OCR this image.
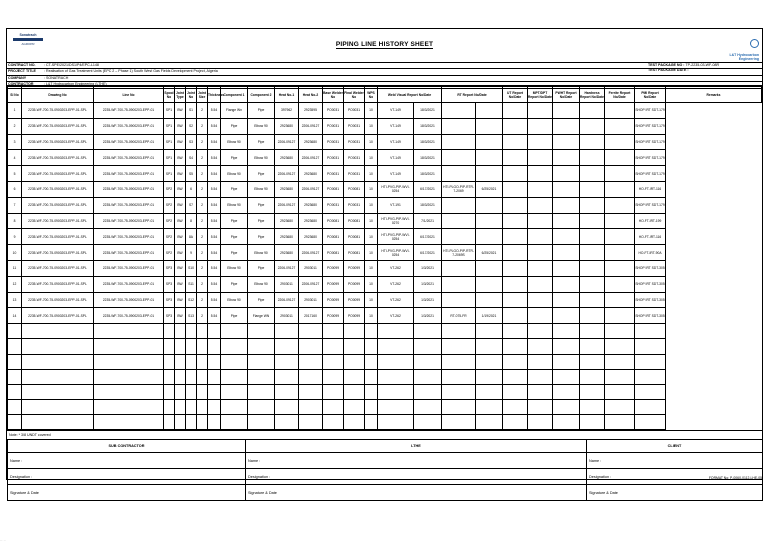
Sonatrach
AGROPR	PIPING LINE HISTORY SHEET
L&T Hydrocarbon
Engineering
CONTRACT NO. : CT-SPE/2021/DS1/P4/EPC-L148
PROJECT TITLE : Realisation of Gas Treatment Units (EPC 2 – Phase 1) South West Gas Fields Development Project, Algeria
COMPANY	: SONATRACH
CONTRACTOR	: L&T Hydrocarbon Engineering (LTHE)
TEST PACKAGE NO : TP-2235-03-WF-08R
TEST PACKAGE DATE :
Sl No	Drawing No	Line No	Spool No	Joint Type	Joint No	Joint Size	Thickness	Component 1	Component 2	Heat No-1	Heat No-2	Base Welder No	Final Welder No	WPS No	Weld Visual Report No/Date		RT Report No/Date		UT Report No/Date	MPT/DPT Report No/Date	PWHT Report No/Date	Hardness Report No/Date	Ferrite Report No/Date	PMI Report No/Date	Remarks
1	2235-WF-700-75-0900203-EPP-01-SPL	2235-WF-700-75-0900203-EPP-01	SP1	BW	S1	2	5.54	Flange Wn	Pipe	397962	2923595	PO0031	PO0031	10	VT-149	18/3/2021								SHOP IRT SDT-179	
2	2235-WF-700-75-0900203-EPP-01-SPL	2235-WF-700-75-0900203-EPP-01	SP1	BW	S2	2	5.54	Pipe	Elbow 90	2923680	2206-09127	PO0031	PO0031	10	VT-149	18/3/2021								SHOP IRT SDT-179	
3	2235-WF-700-75-0900203-EPP-01-SPL	2235-WF-700-75-0900203-EPP-01	SP1	BW	S3	2	5.54	Elbow 90	Pipe	2206-09127	2923680	PO0031	PO0031	10	VT-149	18/3/2021								SHOP IRT SDT-179	
4	2235-WF-700-75-0900203-EPP-01-SPL	2235-WF-700-75-0900203-EPP-01	SP1	BW	S4	2	5.54	Pipe	Elbow 90	2923680	2206-09127	PO0031	PO0031	10	VT-149	18/3/2021								SHOP IRT SDT-179	
5	2235-WF-700-75-0900203-EPP-01-SPL	2235-WF-700-75-0900203-EPP-01	SP1	BW	S5	2	5.54	Elbow 90	Pipe	2206-09127	2923680	PO0031	PO0031	10	VT-149	18/3/2021								SHOP IRT SDT-179	
6	2235-WF-700-75-0900203-EPP-01-SPL	2235-WF-700-75-0900203-EPP-01	SP2	BW	6	2	5.54	Pipe	Elbow 90	2923680	2206-09127	PO0081	PO0081	10	HTI-PVG-PIP-WVI-0254	6/17/2021	HTI-PLGO-PIP-RTR-7-2069	6/25/2021						HO-FT-IRT-116	
7	2235-WF-700-75-0900203-EPP-01-SPL	2235-WF-700-75-0900203-EPP-01	SP2	BW	S7	2	5.54	Elbow 90	Pipe	2206-09127	2923680	PO0031	PO0031	10	VT-191	18/3/2021								SHOP IRT SDT-179	
8	2235-WF-700-75-0900203-EPP-01-SPL	2235-WF-700-75-0900203-EPP-01	SP2	BW	8	2	5.54	Pipe	Pipe	2923680	2923680	PO0081	PO0081	10	HTI-PVG-PIP-WVI-0270	7/1/2021								HO-FT-IRT-199	
9	2235-WF-700-75-0900203-EPP-01-SPL	2235-WF-700-75-0900203-EPP-01	SP2	BW	8A	2	5.54	Pipe	Pipe	2923680	2923680	PO0081	PO0081	10	HTI-PVG-PIP-WVI-0254	6/17/2021								HO-FT-IRT-116	
10	2235-WF-700-75-0900203-EPP-01-SPL	2235-WF-700-75-0900203-EPP-01	SP2	BW	9	2	5.54	Pipe	Elbow 90	2923680	2206-09127	PO0081	PO0081	10	HTI-PVG-PIP-WVI-0254	6/17/2021	HTI-PLGO-PIP-RTR-7-2069S	6/25/2021						HO-FT-IRT-90A	
11	2235-WF-700-75-0900203-EPP-01-SPL	2235-WF-700-75-0900203-EPP-01	SP3	BW	S10	2	5.54	Elbow 90	Pipe	2206-09127	2903011	PO0099	PO0099	10	VT-262	1/3/2021								SHOP IRT SDT-305	
12	2235-WF-700-75-0900203-EPP-01-SPL	2235-WF-700-75-0900203-EPP-01	SP3	BW	S11	2	5.54	Pipe	Elbow 90	2903011	2206-09127	PO0099	PO0099	10	VT-262	1/3/2021								SHOP IRT SDT-305	
13	2235-WF-700-75-0900203-EPP-01-SPL	2235-WF-700-75-0900203-EPP-01	SP3	BW	S12	2	5.54	Elbow 90	Pipe	2206-09127	2903011	PO0099	PO0099	10	VT-262	1/3/2021								SHOP IRT SDT-305	
14	2235-WF-700-75-0900203-EPP-01-SPL	2235-WF-700-75-0900203-EPP-01	SP3	BW	S13	2	5.54	Pipe	Flange WN	2903011	2017160	PO0099	PO0099	10	VT-262	1/3/2021	RT-075-FR	1/19/2021						SHOP IRT SDT-305	

Note: * 3/8 UNDT covered
SUB CONTRACTOR	LTHE	CLIENT
Name :	Name :	Name :
Designation :	Designation :	Designation :
Signature & Date	Signature & Date	Signature & Date
FORMAT No: P-0060-0112-LHE-05
— · —
